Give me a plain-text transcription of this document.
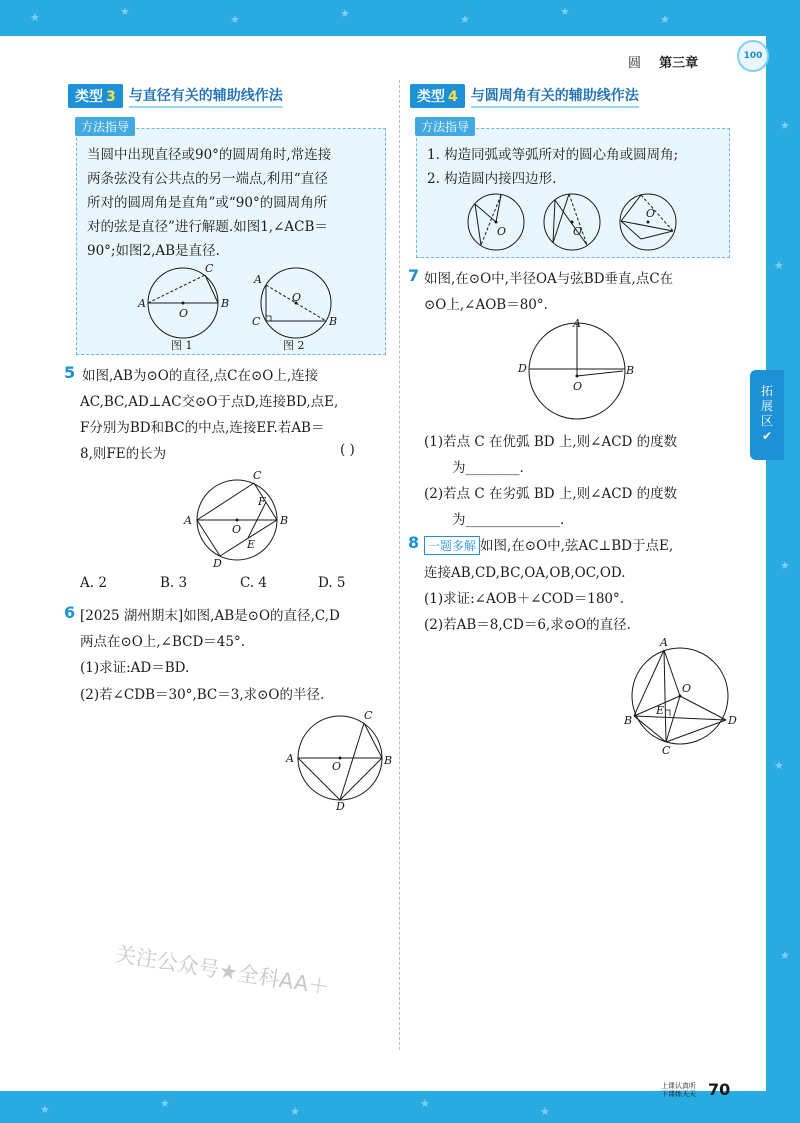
★	★
★	★	★
★
★
★
★
★
★
★
★	★
★
★
★
圆 第三章	100
类型 3 与直径有关的辅助线作法
方法指导
当圆中出现直径或90°的圆周角时,常连接
两条弦没有公共点的另一端点,利用“直径
所对的圆周角是直角”或“90°的圆周角所
对的弦是直径”进行解题.如图1,∠ACB＝
90°;如图2,AB是直径.
A	B
C
O
图 1
A
B
C
O
图 2
5 如图,AB为⊙O的直径,点C在⊙O上,连接
AC,BC,AD⊥AC交⊙O于点D,连接BD,点E,
F分别为BD和BC的中点,连接EF.若AB＝
8,则FE的长为	( )
A	B
C
D
E
F
O
A. 2	B. 3	C. 4	D. 5
6 [2025 湖州期末]如图,AB是⊙O的直径,C,D
两点在⊙O上,∠BCD＝45°.
(1)求证:AD＝BD.
(2)若∠CDB＝30°,BC＝3,求⊙O的半径.
A	B
C
D
O
类型 4 与圆周角有关的辅助线作法
方法指导
1. 构造同弧或等弧所对的圆心角或圆周角;
2. 构造圆内接四边形.
O	O
O
7 如图,在⊙O中,半径OA与弦BD垂直,点C在
⊙O上,∠AOB＝80°.
A
B
D
O
(1)若点 C 在优弧 BD 上,则∠ACD 的度数
为________.
(2)若点 C 在劣弧 BD 上,则∠ACD 的度数
为______________.
8 一题多解 如图,在⊙O中,弦AC⊥BD于点E,
连接AB,CD,BC,OA,OB,OC,OD.
(1)求证:∠AOB＋∠COD＝180°.
(2)若AB＝8,CD＝6,求⊙O的直径.
A
B
C
D
E
O
拓
展
区
✔
关注公众号★全科AA＋
上课认真听
下课练天天 70
